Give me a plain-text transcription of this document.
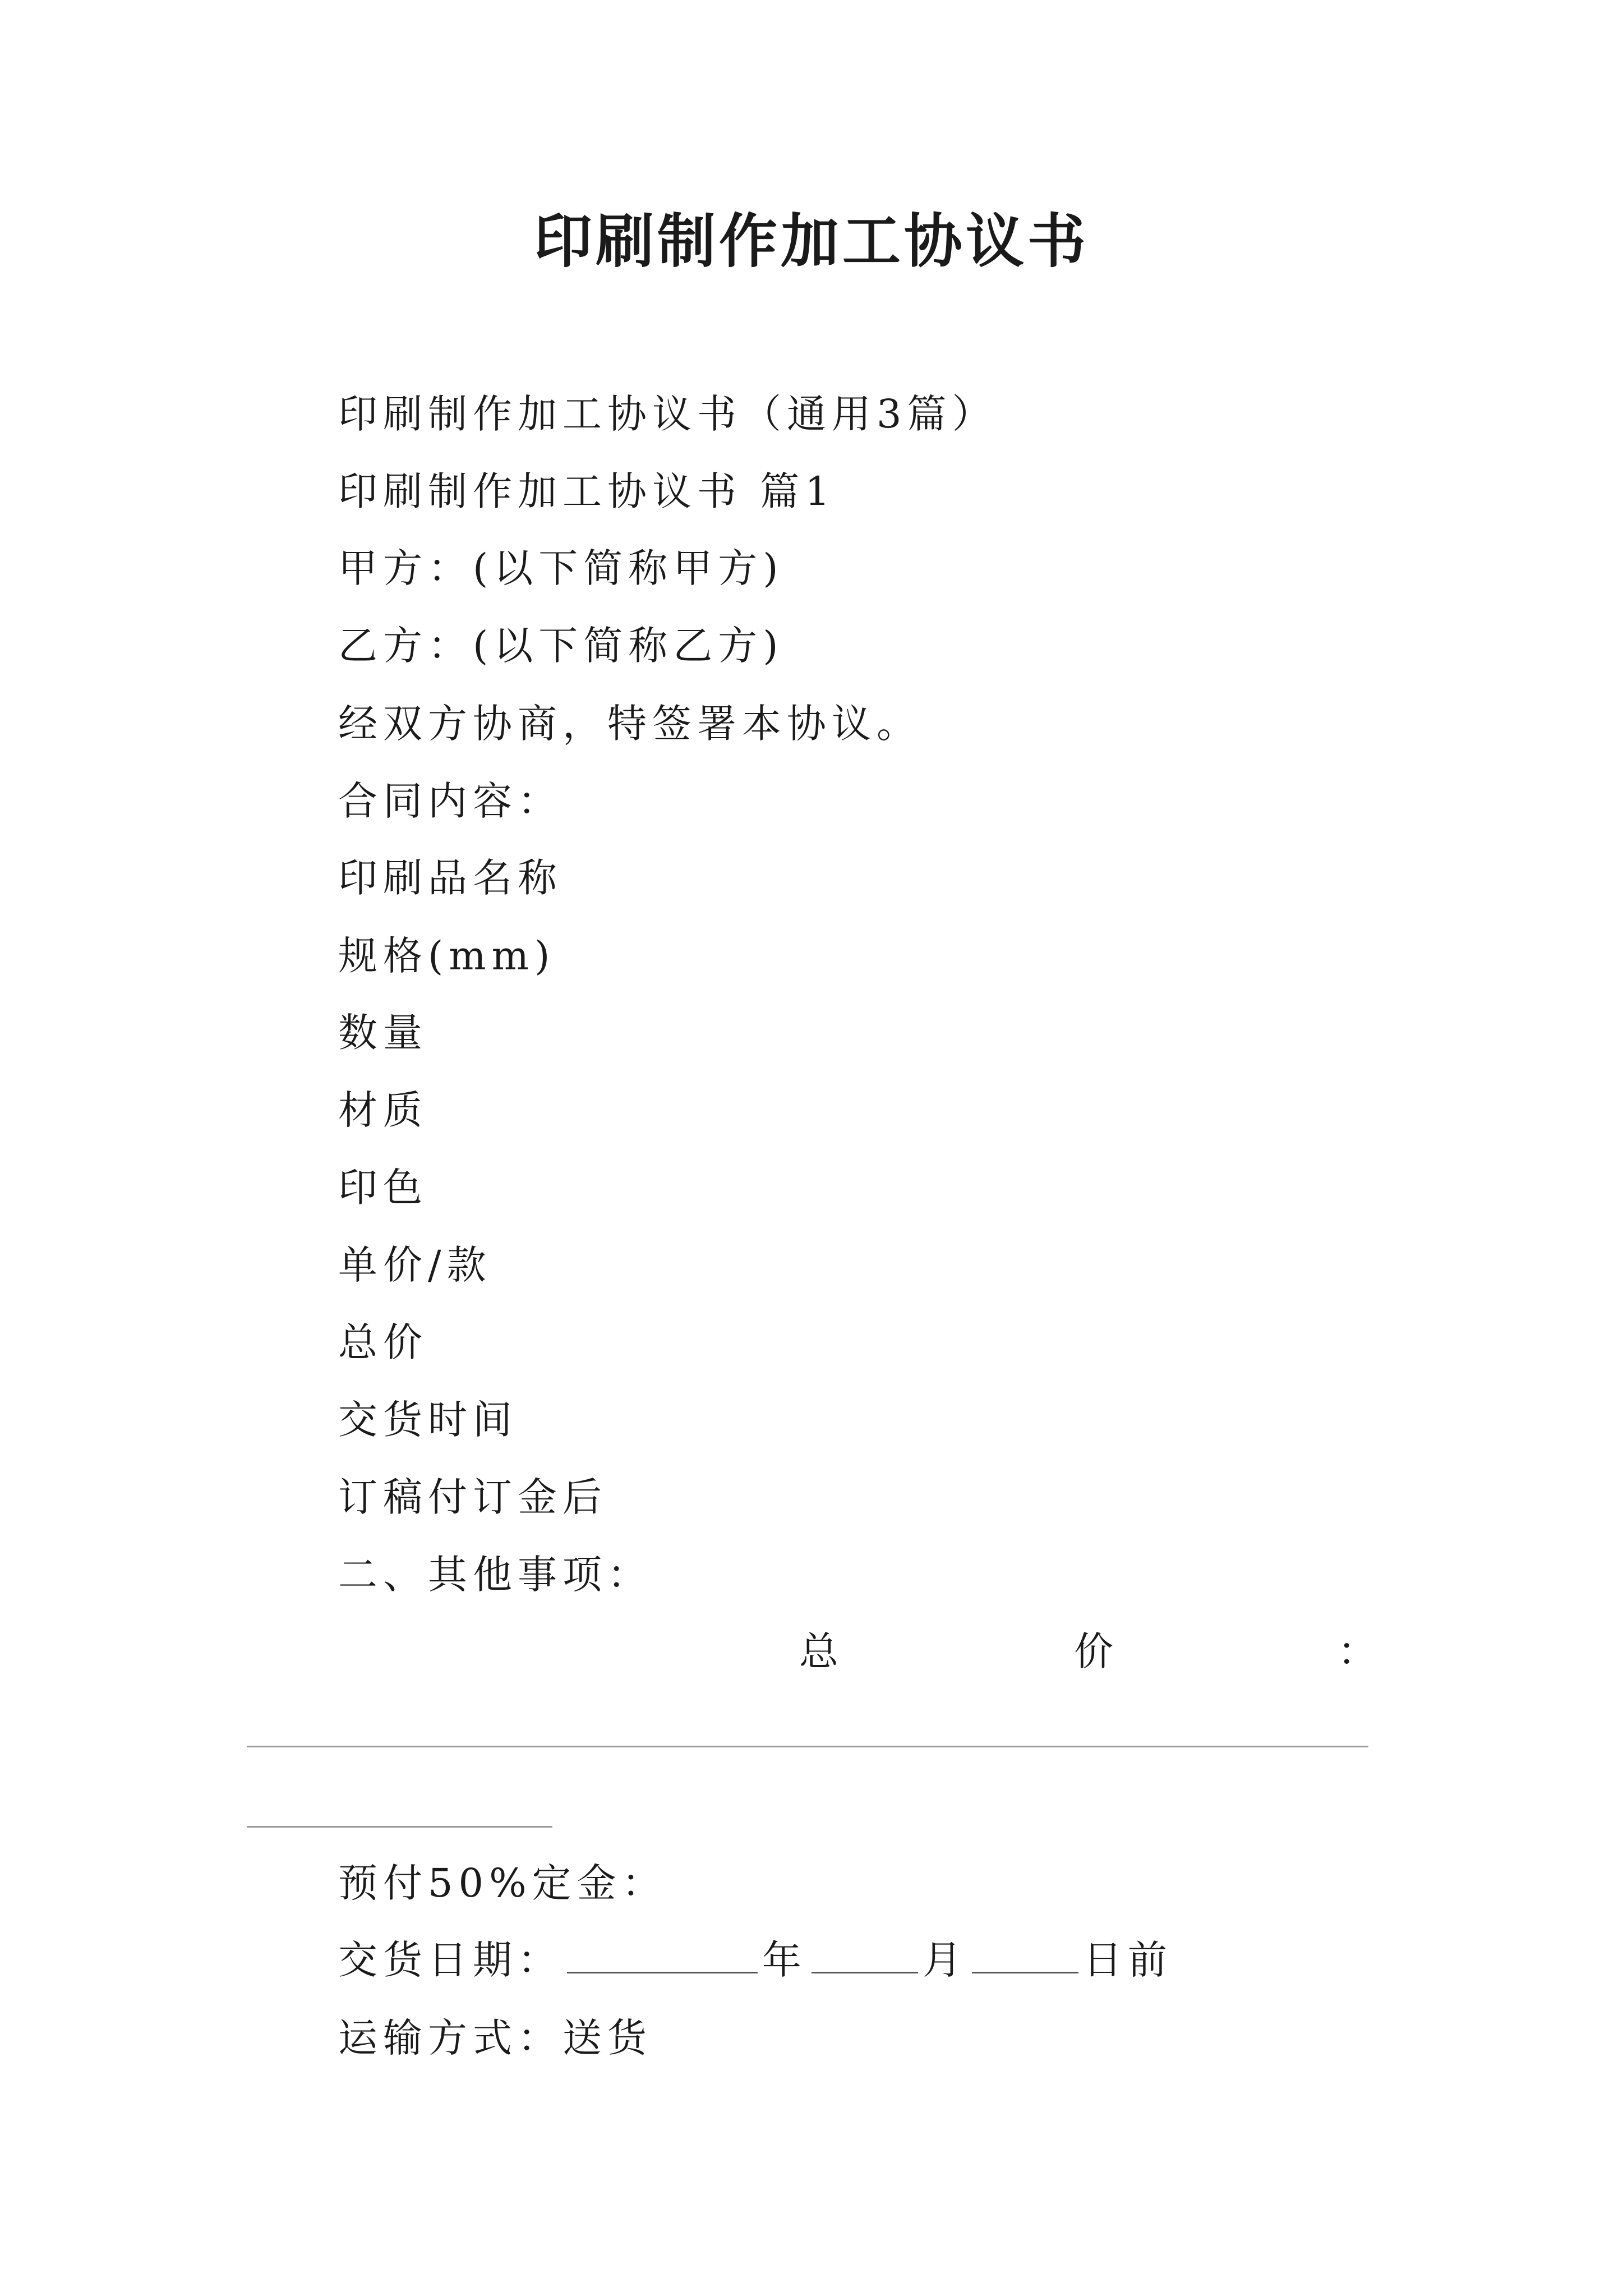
印刷制作加工协议书
印刷制作加工协议书（通用3篇）
印刷制作加工协议书 篇1
甲方：(以下简称甲方)
乙方：(以下简称乙方)
经双方协商，特签署本协议。
合同内容：
印刷品名称
规格(mm)
数量
材质
印色
单价/款
总价
交货时间
订稿付订金后
二、其他事项：
总	价	：
预付50%定金：
交货日期：	年	月	日前
运输方式：送货
